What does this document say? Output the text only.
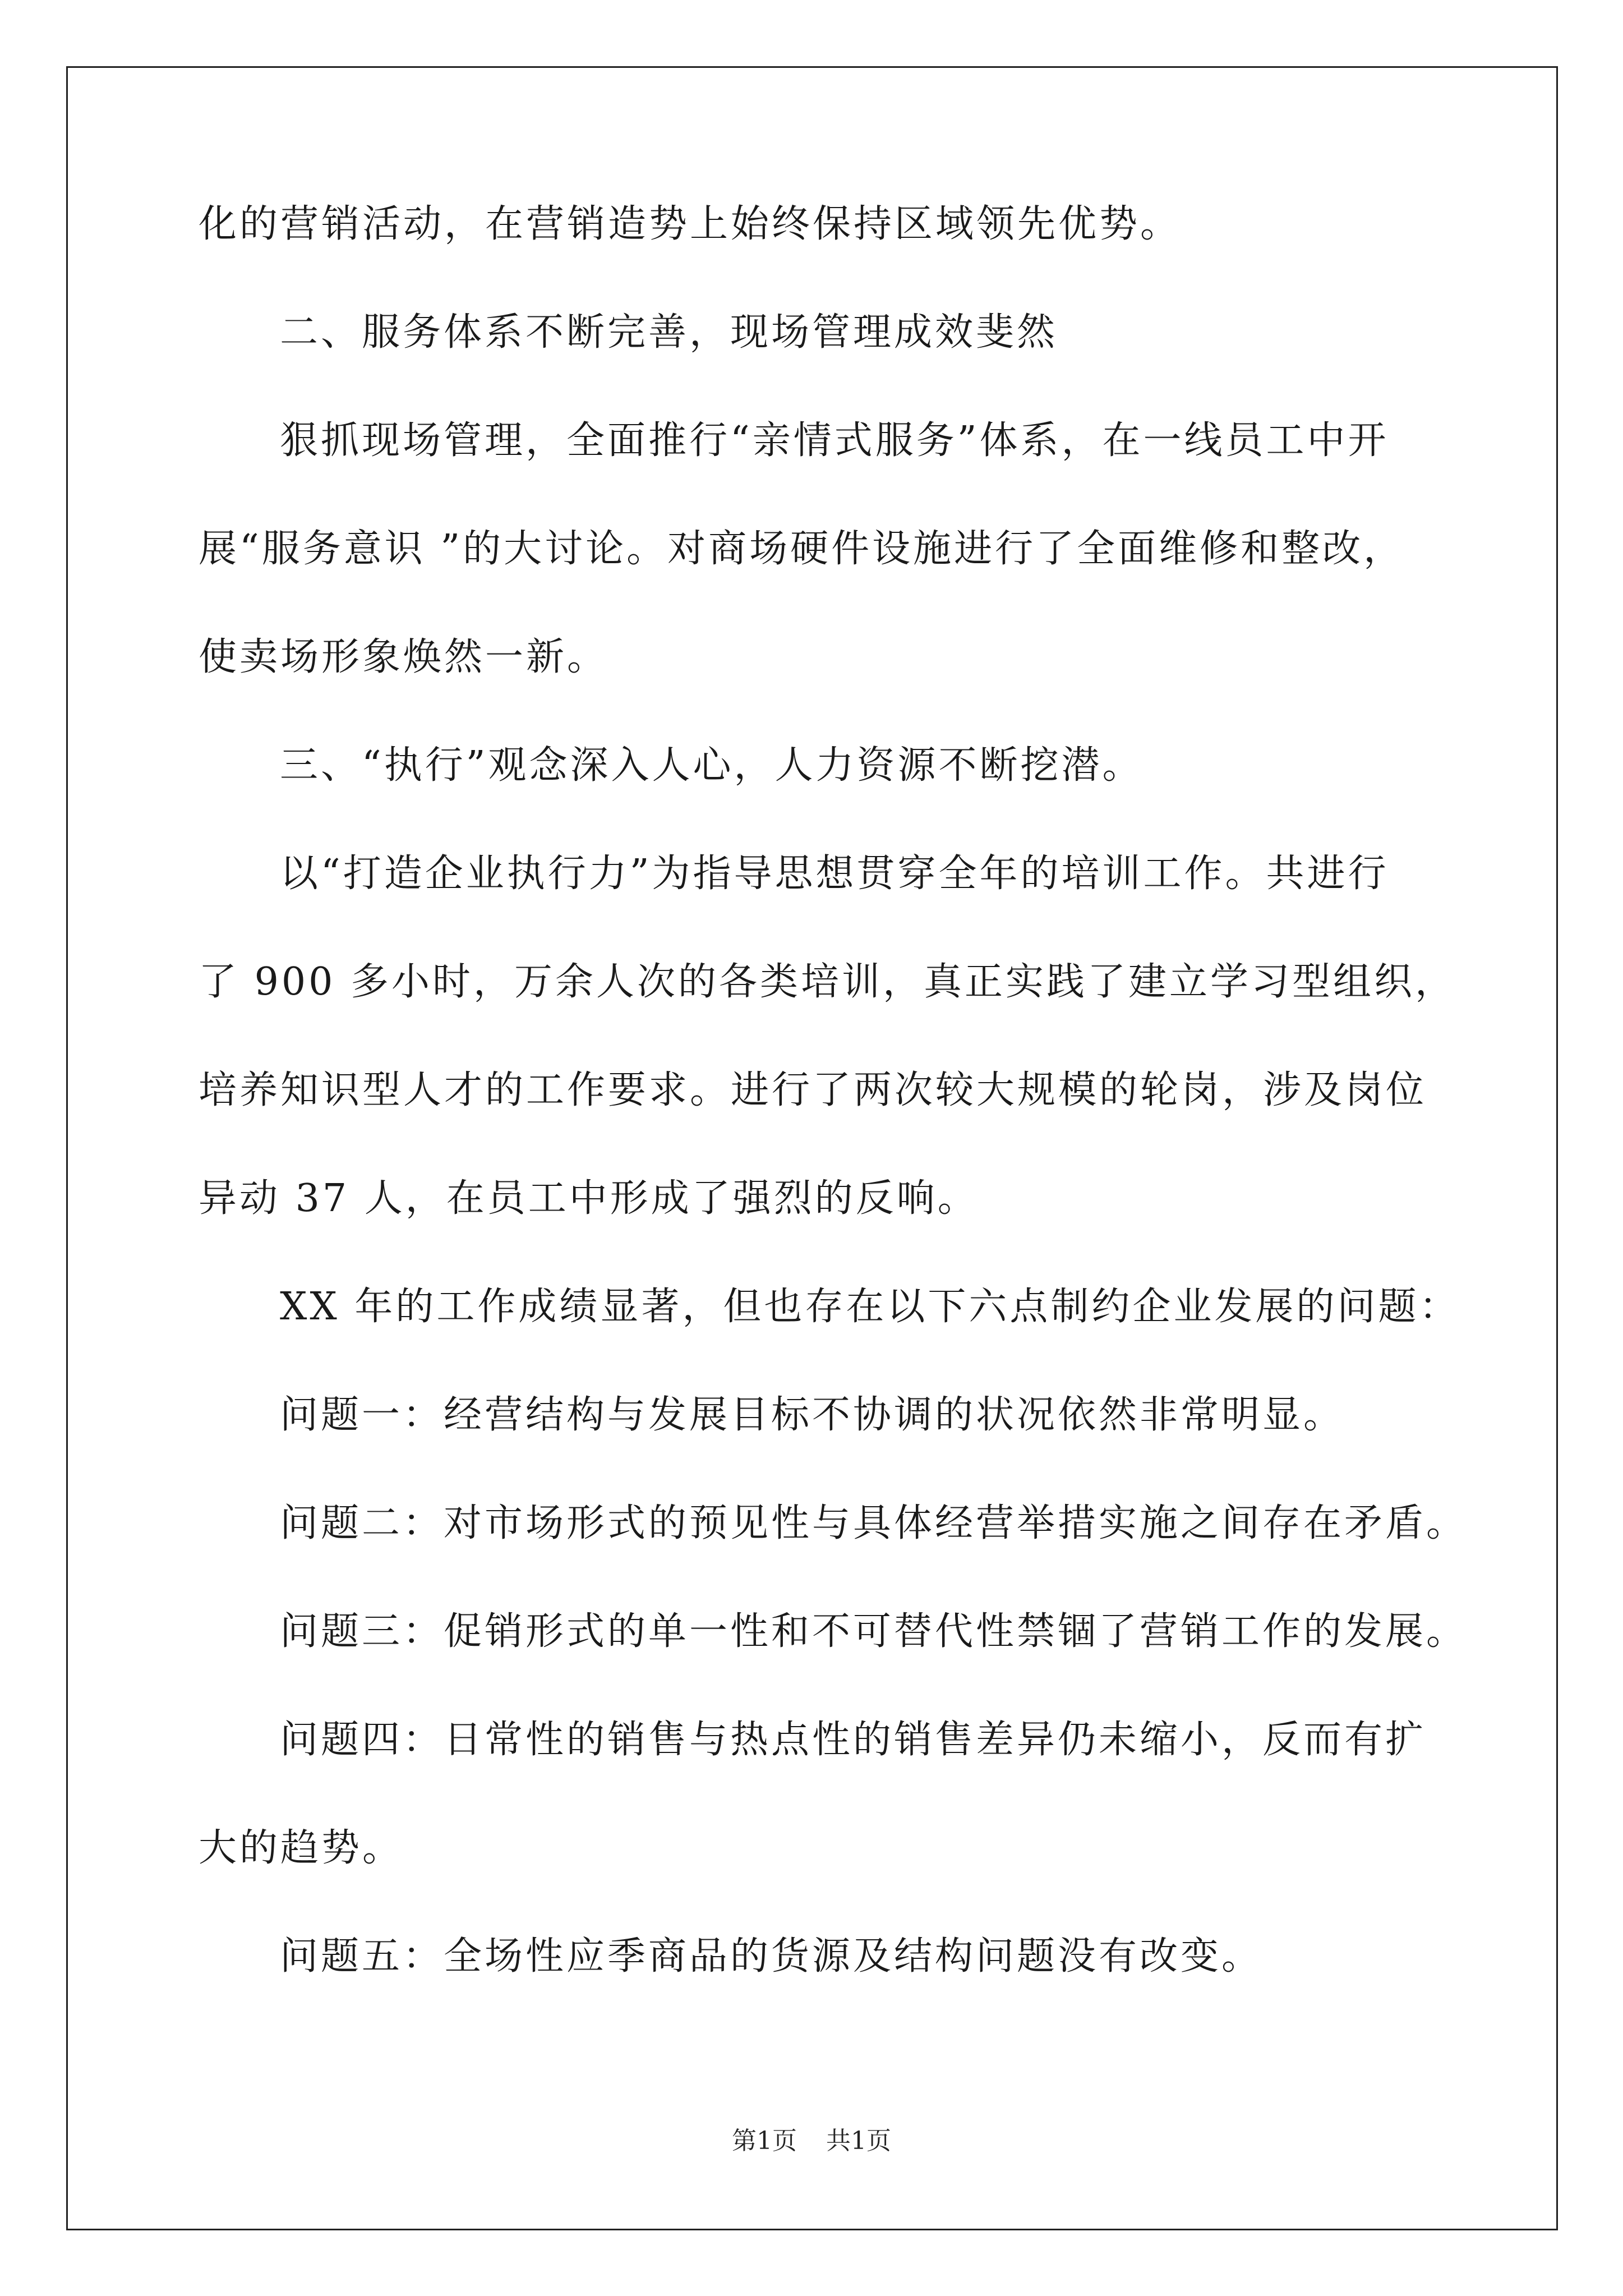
化的营销活动，在营销造势上始终保持区域领先优势。
二、服务体系不断完善，现场管理成效斐然
狠抓现场管理，全面推行“亲情式服务”体系，在一线员工中开
展“服务意识 ”的大讨论。对商场硬件设施进行了全面维修和整改，
使卖场形象焕然一新。
三、“执行”观念深入人心，人力资源不断挖潜。
以“打造企业执行力”为指导思想贯穿全年的培训工作。共进行
了 900 多小时，万余人次的各类培训，真正实践了建立学习型组织，
培养知识型人才的工作要求。进行了两次较大规模的轮岗，涉及岗位
异动 37 人，在员工中形成了强烈的反响。
XX 年的工作成绩显著，但也存在以下六点制约企业发展的问题：
问题一：经营结构与发展目标不协调的状况依然非常明显。
问题二：对市场形式的预见性与具体经营举措实施之间存在矛盾。
问题三：促销形式的单一性和不可替代性禁锢了营销工作的发展。
问题四：日常性的销售与热点性的销售差异仍未缩小，反而有扩
大的趋势。
问题五：全场性应季商品的货源及结构问题没有改变。
第1页 共1页
